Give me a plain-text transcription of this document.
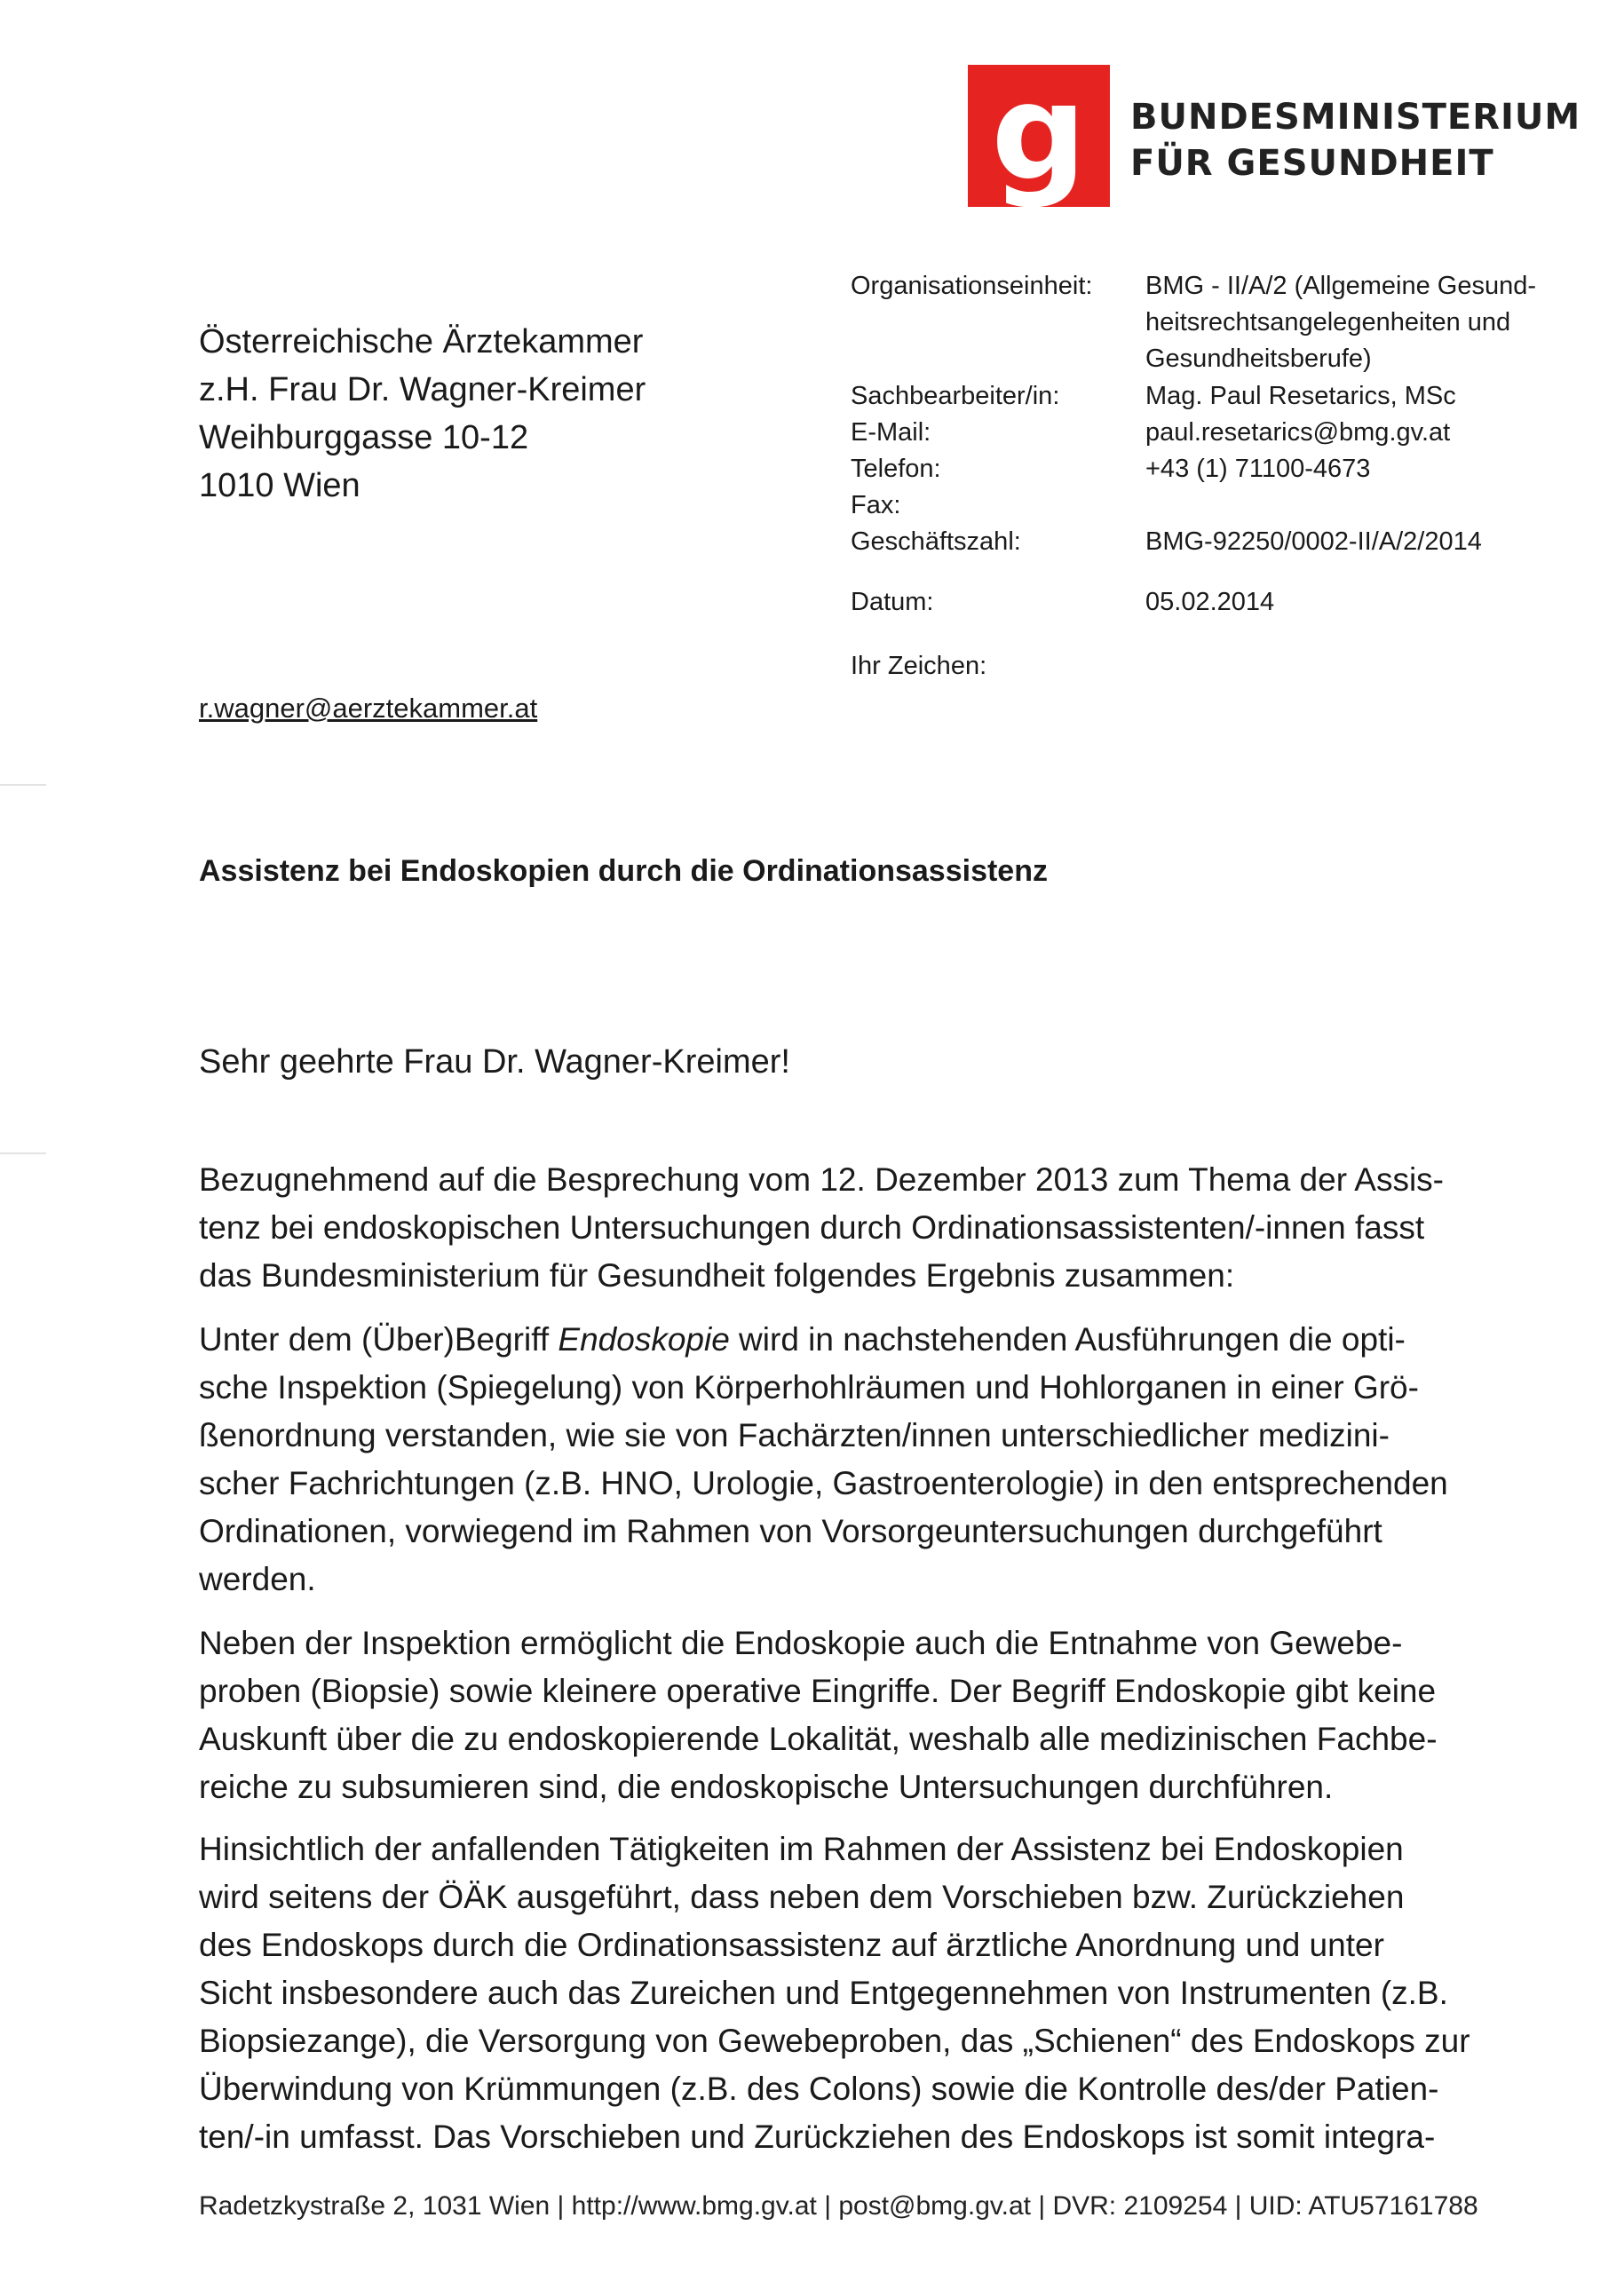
g BUNDESMINISTERIUM
FÜR GESUNDHEIT
Österreichische Ärztekammer
z.H. Frau Dr. Wagner-Kreimer
Weihburggasse 10-12
1010 Wien
r.wagner@aerztekammer.at
Organisationseinheit: BMG - II/A/2 (Allgemeine Gesund-
heitsrechtsangelegenheiten und
Gesundheitsberufe)
Sachbearbeiter/in:	Mag. Paul Resetarics, MSc
E-Mail:	paul.resetarics@bmg.gv.at
Telefon:	+43 (1) 71100-4673
Fax:
Geschäftszahl:	BMG-92250/0002-II/A/2/2014
Datum:	05.02.2014
Ihr Zeichen:
Assistenz bei Endoskopien durch die Ordinationsassistenz
Sehr geehrte Frau Dr. Wagner-Kreimer!
Bezugnehmend auf die Besprechung vom 12. Dezember 2013 zum Thema der Assis-
tenz bei endoskopischen Untersuchungen durch Ordinationsassistenten/-innen fasst
das Bundesministerium für Gesundheit folgendes Ergebnis zusammen:
Unter dem (Über)Begriff Endoskopie wird in nachstehenden Ausführungen die opti-
sche Inspektion (Spiegelung) von Körperhohlräumen und Hohlorganen in einer Grö-
ßenordnung verstanden, wie sie von Fachärzten/innen unterschiedlicher medizini-
scher Fachrichtungen (z.B. HNO, Urologie, Gastroenterologie) in den entsprechenden
Ordinationen, vorwiegend im Rahmen von Vorsorgeuntersuchungen durchgeführt
werden.
Neben der Inspektion ermöglicht die Endoskopie auch die Entnahme von Gewebe-
proben (Biopsie) sowie kleinere operative Eingriffe. Der Begriff Endoskopie gibt keine
Auskunft über die zu endoskopierende Lokalität, weshalb alle medizinischen Fachbe-
reiche zu subsumieren sind, die endoskopische Untersuchungen durchführen.
Hinsichtlich der anfallenden Tätigkeiten im Rahmen der Assistenz bei Endoskopien
wird seitens der ÖÄK ausgeführt, dass neben dem Vorschieben bzw. Zurückziehen
des Endoskops durch die Ordinationsassistenz auf ärztliche Anordnung und unter
Sicht insbesondere auch das Zureichen und Entgegennehmen von Instrumenten (z.B.
Biopsiezange), die Versorgung von Gewebeproben, das „Schienen“ des Endoskops zur
Überwindung von Krümmungen (z.B. des Colons) sowie die Kontrolle des/der Patien-
ten/-in umfasst. Das Vorschieben und Zurückziehen des Endoskops ist somit integra-
Radetzkystraße 2, 1031 Wien | http://www.bmg.gv.at | post@bmg.gv.at | DVR: 2109254 | UID: ATU57161788
